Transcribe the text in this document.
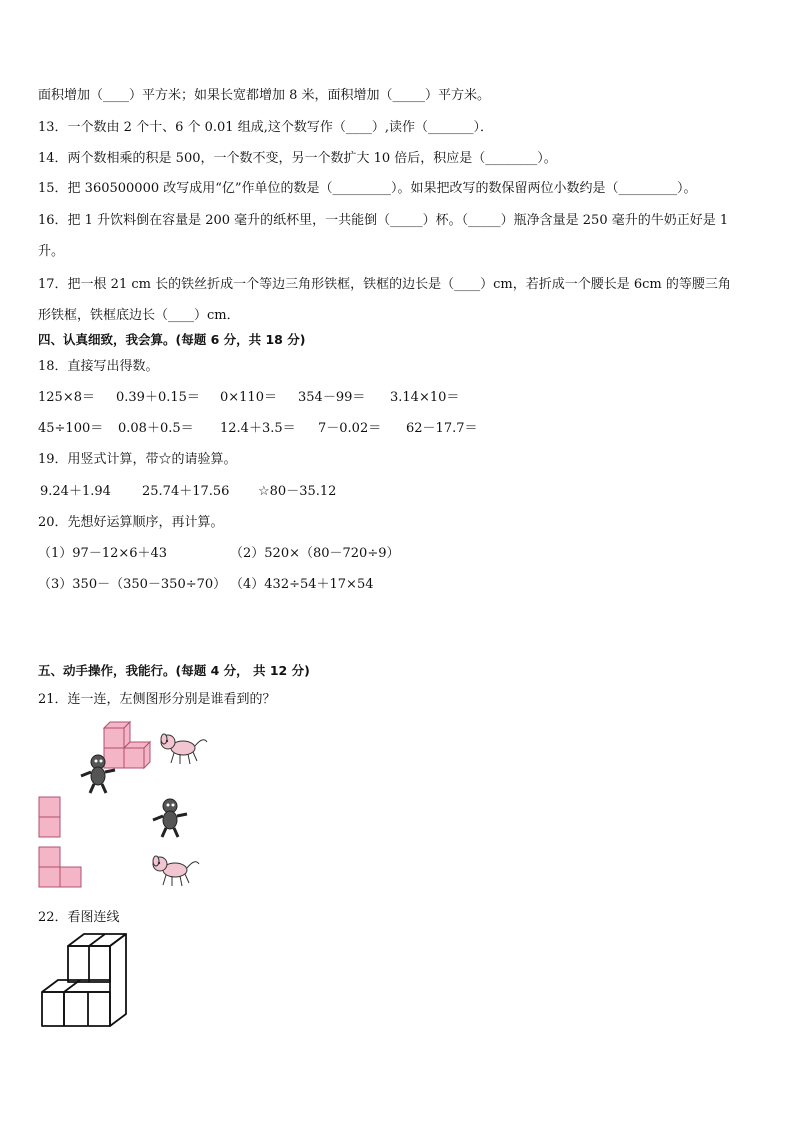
面积增加（____）平方米；如果长宽都增加 8 米，面积增加（_____）平方米。
13．一个数由 2 个十、6 个 0.01 组成,这个数写作（____）,读作（_______）．
14．两个数相乘的积是 500，一个数不变，另一个数扩大 10 倍后，积应是（________）。
15．把 360500000 改写成用“亿”作单位的数是（_________）。如果把改写的数保留两位小数约是（_________）。
16．把 1 升饮料倒在容量是 200 毫升的纸杯里，一共能倒（_____）杯。（_____）瓶净含量是 250 毫升的牛奶正好是 1
升。
17．把一根 21 cm 长的铁丝折成一个等边三角形铁框，铁框的边长是（____）cm，若折成一个腰长是 6cm 的等腰三角
形铁框，铁框底边长（____）cm．
四、认真细致，我会算。(每题 6 分，共 18 分)
18．直接写出得数。
125×8＝ 0.39＋0.15＝ 0×110＝ 354－99＝ 3.14×10＝
45÷100＝ 0.08＋0.5＝ 12.4＋3.5＝ 7－0.02＝ 62－17.7＝
19．用竖式计算，带☆的请验算。
9.24＋1.94 25.74＋17.56 ☆80－35.12
20．先想好运算顺序，再计算。
（1）97－12×6＋43	（2）520×（80－720÷9）
（3）350－（350－350÷70） （4）432÷54＋17×54
五、动手操作，我能行。(每题 4 分， 共 12 分)
21．连一连，左侧图形分别是谁看到的？
22．看图连线
